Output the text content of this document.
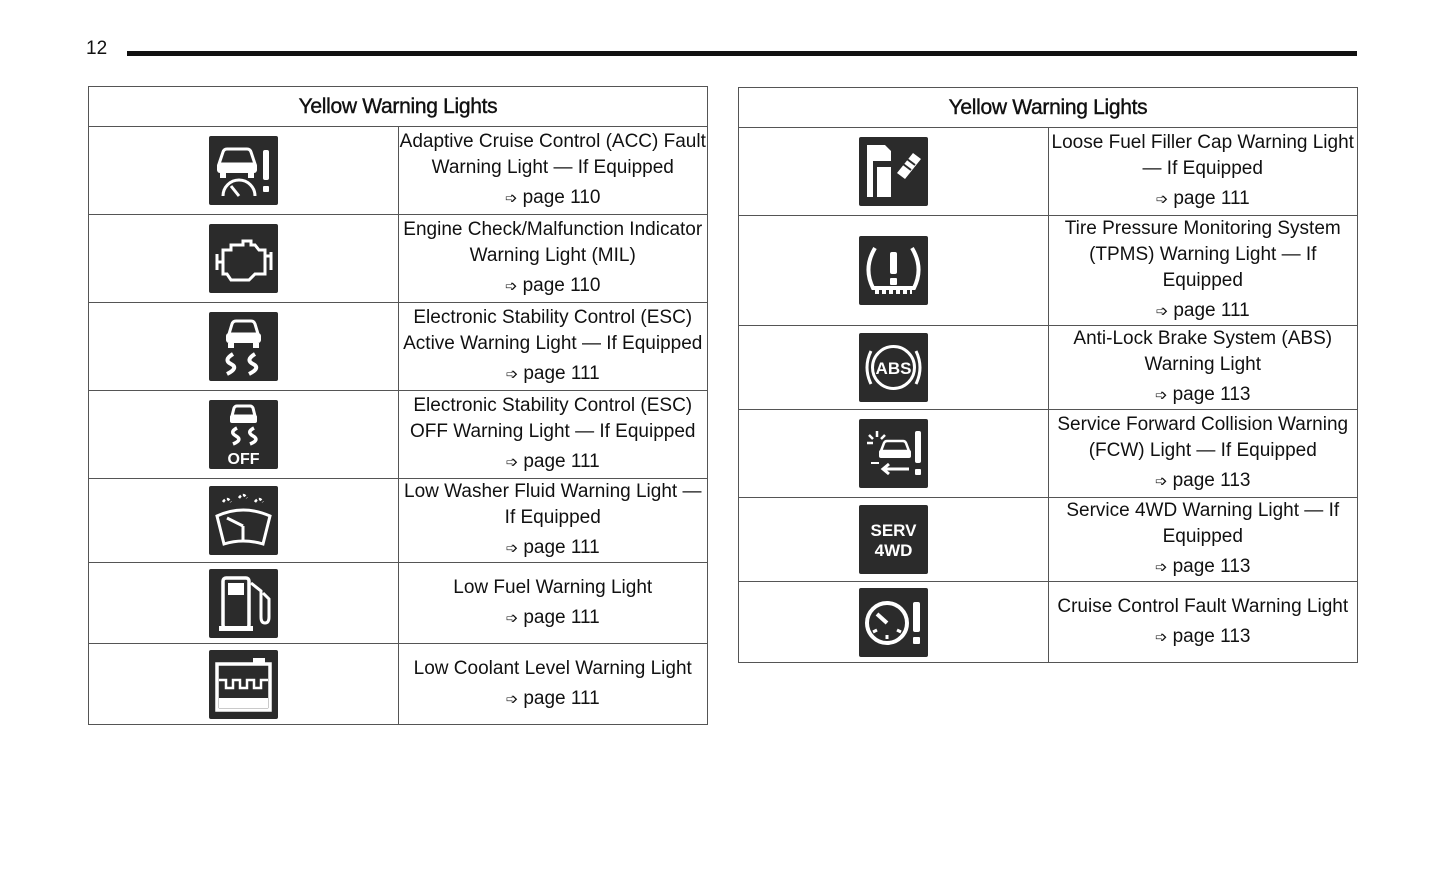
12
Yellow Warning Lights	

Adaptive Cruise Control (ACC) Fault Warning Light — If Equipped
➩ page 110

Engine Check/Malfunction Indicator Warning Light (MIL)
➩ page 110

Electronic Stability Control (ESC) Active Warning Light — If Equipped
➩ page 111

OFF	Electronic Stability Control (ESC) OFF Warning Light — If Equipped
➩ page 111

Low Washer Fluid Warning Light — If Equipped
➩ page 111

Low Fuel Warning Light
➩ page 111

Low Coolant Level Warning Light
➩ page 111
Yellow Warning Lights	

Loose Fuel Filler Cap Warning Light — If Equipped
➩ page 111

Tire Pressure Monitoring System (TPMS) Warning Light — If Equipped
➩ page 111

ABS	Anti-Lock Brake System (ABS) Warning Light
➩ page 113

Service Forward Collision Warning (FCW) Light — If Equipped
➩ page 113

SERV
4WD	Service 4WD Warning Light — If Equipped
➩ page 113

Cruise Control Fault Warning Light
➩ page 113
